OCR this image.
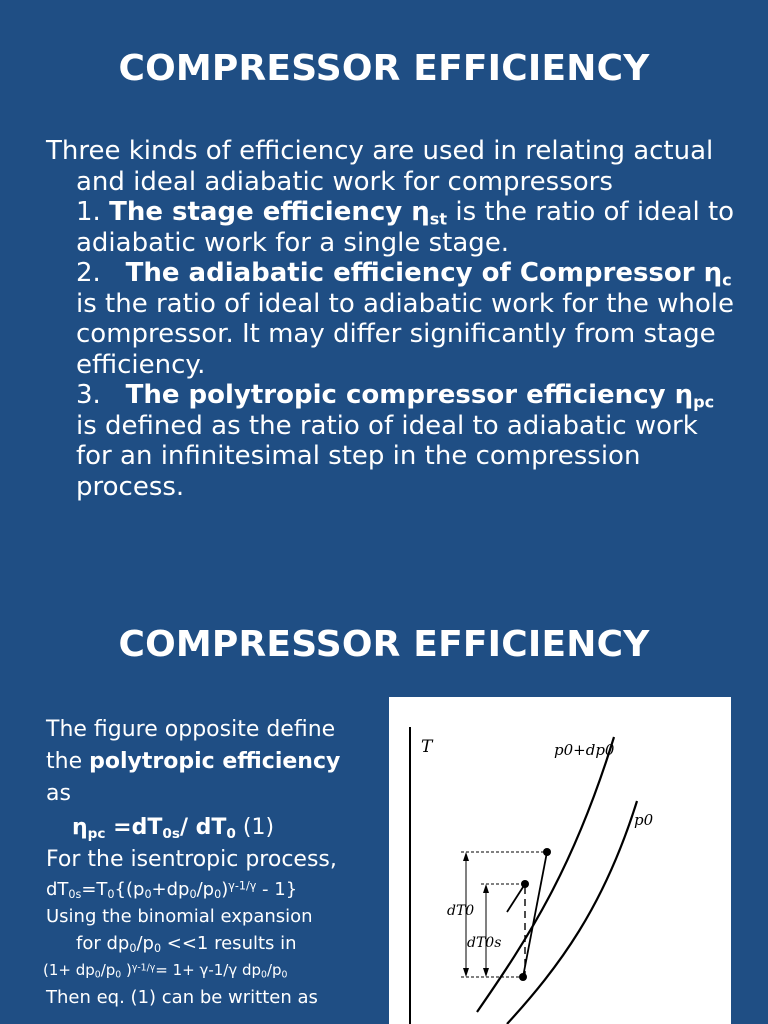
COMPRESSOR EFFICIENCY

Three kinds of efficiency are used in relating actual

and ideal adiabatic work for compressors

1. The stage efficiency $\eta_{st}$ is the ratio of ideal to adiabatic work for a single stage.

2. The adiabatic efficiency of Compressor $\eta_c$ is the ratio of ideal to adiabatic work for the whole compressor. It may differ significantly from stage efficiency.

3. The polytropic compressor efficiency $\eta_{pc}$ is defined as the ratio of ideal to adiabatic work for an infinitesimal step in the compression process.

COMPRESSOR EFFICIENCY

The figure opposite define

the polytropic efficiency

as

$\eta_{pc} =dT_{0s}/$ $dT_0$ (1)

For the isentropic process,

$dT_{0s}=T_0\{(p_0+dp_0/p_0)^{\gamma-1/\gamma} - 1\}$

Using the binomial expansion

for $dp_0/p_0 <<1$ results in

($1+ dp_0/p_0$ )$^{\gamma-1/\gamma}$= 1+ γ-1/γ $dp_0/p_0$

Then eq. (1) can be written as

T	p0+dp0
p0
dT0
dT0s
